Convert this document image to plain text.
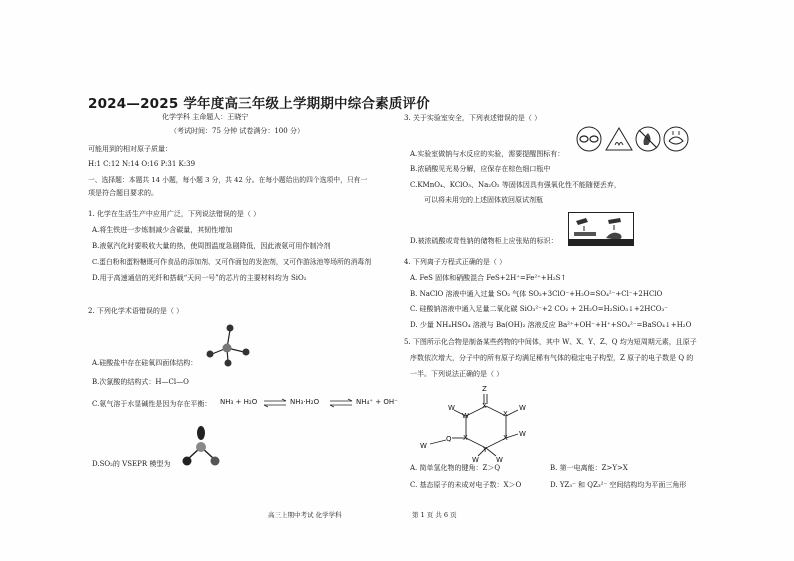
2024—2025 学年度高三年级上学期期中综合素质评价
化学学科 主命题人：王晓宁
（考试时间：75 分钟 试卷满分：100 分）
可能用到的相对原子质量：
H:1 C:12 N:14 O:16 P:31 K:39
一、选择题：本题共 14 小题，每小题 3 分，共 42 分。在每小题给出的四个选项中，只有一
项是符合题目要求的。
1. 化学在生活生产中应用广泛，下列说法错误的是（ ）
A.将生铁进一步炼制减少含碳量，其韧性增加
B.液氨汽化时要吸收大量的热，使周围温度急剧降低，因此液氨可用作制冷剂
C.蛋白粉和蛋粉糖既可作食品的添加剂、又可作面包的发泡剂，又可作游泳池等场所的消毒剂
D.用于高速通信的光纤和搭载“天问一号”的芯片的主要材料均为 SiO₂
2. 下列化学术语错误的是（ ）
A.硅酸盐中存在硅氧四面体结构：
B.次氯酸的结构式：H—Cl—O
C.氨气溶于水显碱性是因为存在平衡： NH₃ + H₂O ⇌ NH₃·H₂O ⇌ NH₄⁺ + OH⁻
D.SO₂的 VSEPR 模型为
3. 关于实验室安全，下列表述错误的是（ ）
A.实验室做钠与水反应的实验，需要提醒图标有：
B.浓硝酸见光易分解，应保存在棕色细口瓶中
C.KMnO₄、KClO₃、Na₂O₂ 等固体因具有强氧化性不能随便丢弃，
可以将未用完的上述固体放回原试剂瓶
D.被浓硫酸或苛性钠的储物柜上应张贴的标识：
4. 下列离子方程式正确的是（ ）
A. FeS 固体和硝酸混合 FeS+2H⁺=Fe²⁺+H₂S↑
B. NaClO 溶液中通入过量 SO₂ 气体 SO₂+3ClO⁻+H₂O=SO₄²⁻+Cl⁻+2HClO
C. 硅酸钠溶液中通入足量二氧化碳 SiO₃²⁻+2 CO₂ + 2H₂O=H₂SiO₃↓+2HCO₃⁻
D. 少量 NH₄HSO₄ 溶液与 Ba(OH)₂ 溶液反应 Ba²⁺+OH⁻+H⁺+SO₄²⁻=BaSO₄↓+H₂O
5. 下图所示化合物是制备某些药物的中间体，其中 W、X、Y、Z、Q 均为短周期元素，且原子
序数依次增大，分子中的所有原子均满足稀有气体的稳定电子构型，Z 原子的电子数是 Q 的
一半。下列说法正确的是（ ）
Z
W	X
X
W
W
Q X	X W
Y
W W
W
A. 简单氢化物的键角：Z＞Q	B. 第一电离能：Z>Y>X
C. 基态原子的未成对电子数：X＞O	D. YZ₃⁻ 和 QZ₃²⁻ 空间结构均为平面三角形
高三上期中考试 化学学科	第 1 页 共 6 页
